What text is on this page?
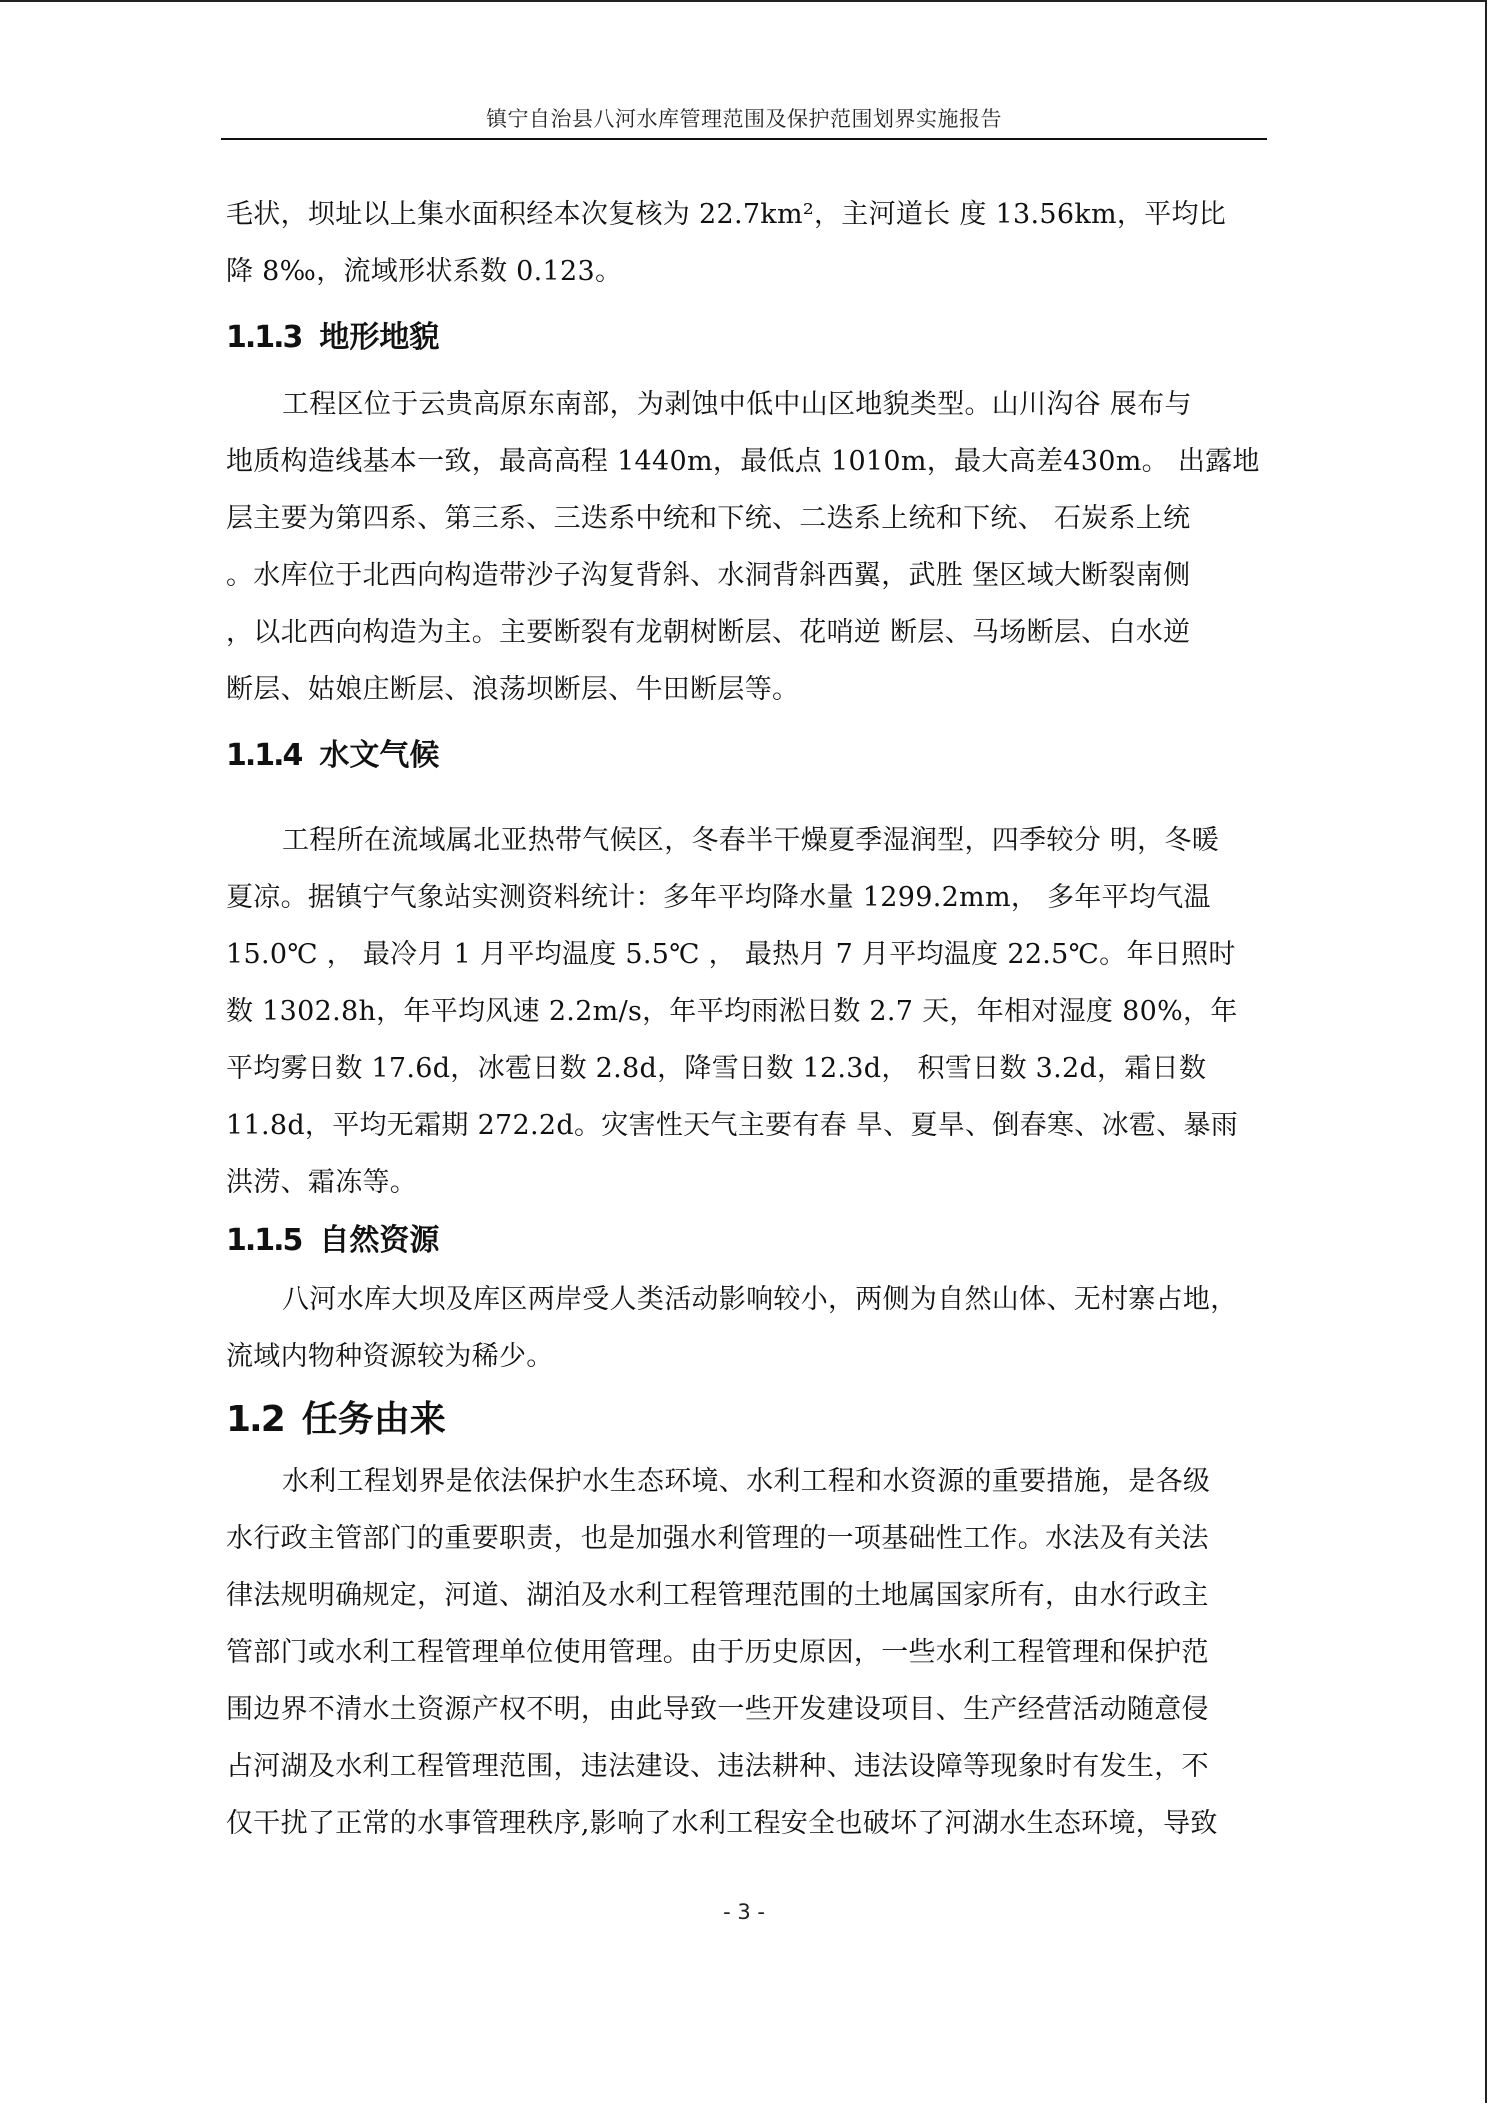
镇宁自治县八河水库管理范围及保护范围划界实施报告

毛状，坝址以上集水面积经本次复核为 22.7km²，主河道长 度 13.56km，平均比
降 8‰，流域形状系数 0.123。

1.1.3 地形地貌

工程区位于云贵高原东南部，为剥蚀中低中山区地貌类型。山川沟谷 展布与
地质构造线基本一致，最高高程 1440m，最低点 1010m，最大高差430m。 出露地
层主要为第四系、第三系、三迭系中统和下统、二迭系上统和下统、 石炭系上统
。水库位于北西向构造带沙子沟复背斜、水洞背斜西翼，武胜 堡区域大断裂南侧
，以北西向构造为主。主要断裂有龙朝树断层、花哨逆 断层、马场断层、白水逆
断层、姑娘庄断层、浪荡坝断层、牛田断层等。

1.1.4 水文气候

工程所在流域属北亚热带气候区，冬春半干燥夏季湿润型，四季较分 明，冬暖
夏凉。据镇宁气象站实测资料统计：多年平均降水量 1299.2mm， 多年平均气温
15.0℃ ， 最冷月 1 月平均温度 5.5℃ ， 最热月 7 月平均温度 22.5℃。年日照时
数 1302.8h，年平均风速 2.2m/s，年平均雨淞日数 2.7 天，年相对湿度 80%，年
平均雾日数 17.6d，冰雹日数 2.8d，降雪日数 12.3d， 积雪日数 3.2d，霜日数
11.8d，平均无霜期 272.2d。灾害性天气主要有春 旱、夏旱、倒春寒、冰雹、暴雨
洪涝、霜冻等。

1.1.5 自然资源

八河水库大坝及库区两岸受人类活动影响较小，两侧为自然山体、无村寨占地，
流域内物种资源较为稀少。

1.2 任务由来

水利工程划界是依法保护水生态环境、水利工程和水资源的重要措施，是各级
水行政主管部门的重要职责，也是加强水利管理的一项基础性工作。水法及有关法
律法规明确规定，河道、湖泊及水利工程管理范围的土地属国家所有，由水行政主
管部门或水利工程管理单位使用管理。由于历史原因，一些水利工程管理和保护范
围边界不清水土资源产权不明，由此导致一些开发建设项目、生产经营活动随意侵
占河湖及水利工程管理范围，违法建设、违法耕种、违法设障等现象时有发生，不
仅干扰了正常的水事管理秩序,影响了水利工程安全也破坏了河湖水生态环境，导致

- 3 -
